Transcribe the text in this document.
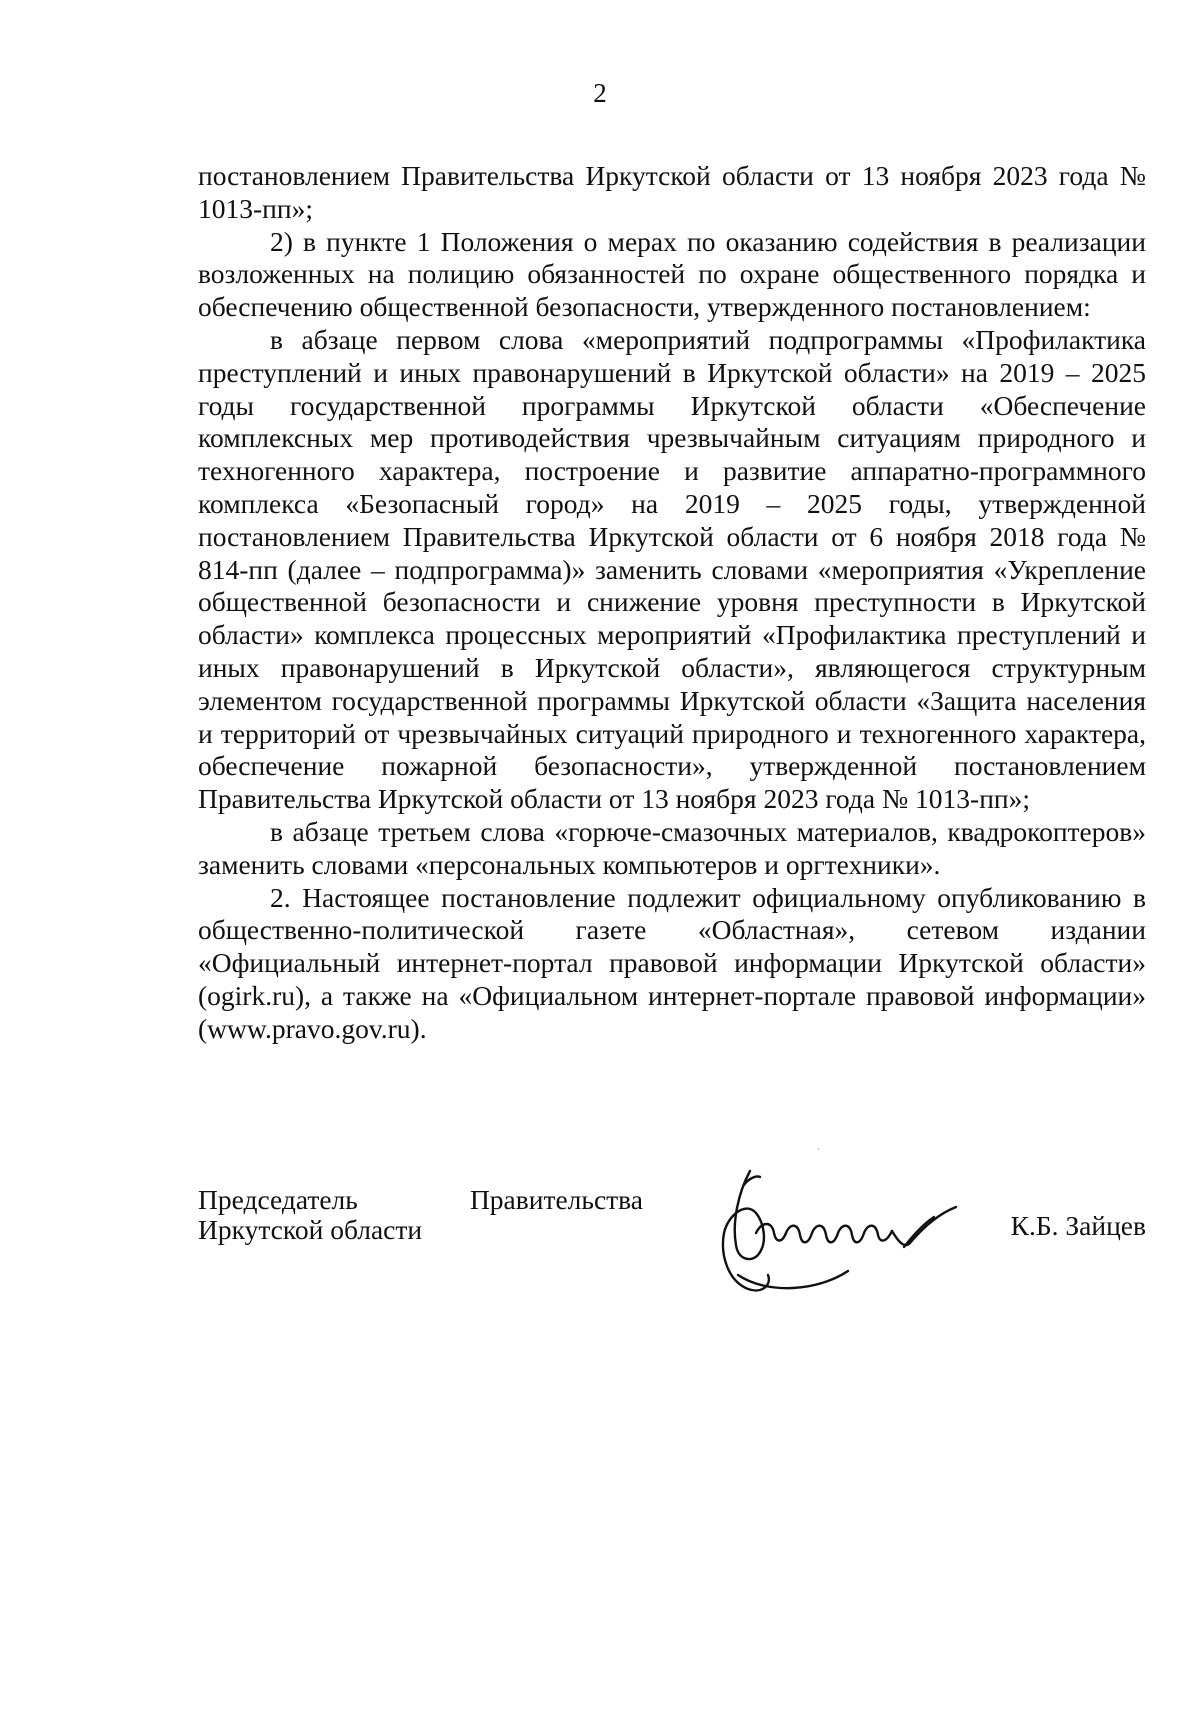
2

постановлением Правительства Иркутской области от 13 ноября 2023 года № 1013-пп»;

2) в пункте 1 Положения о мерах по оказанию содействия в реализации возложенных на полицию обязанностей по охране общественного порядка и обеспечению общественной безопасности, утвержденного постановлением:

в абзаце первом слова «мероприятий подпрограммы «Профилактика преступлений и иных правонарушений в Иркутской области» на 2019 – 2025 годы государственной программы Иркутской области «Обеспечение комплексных мер противодействия чрезвычайным ситуациям природного и техногенного характера, построение и развитие аппаратно-программного комплекса «Безопасный город» на 2019 – 2025 годы, утвержденной постановлением Правительства Иркутской области от 6 ноября 2018 года № 814-пп (далее – подпрограмма)» заменить словами «мероприятия «Укрепление общественной безопасности и снижение уровня преступности в Иркутской области» комплекса процессных мероприятий «Профилактика преступлений и иных правонарушений в Иркутской области», являющегося структурным элементом государственной программы Иркутской области «Защита населения и территорий от чрезвычайных ситуаций природного и техногенного характера, обеспечение пожарной безопасности», утвержденной постановлением Правительства Иркутской области от 13 ноября 2023 года № 1013-пп»;

в абзаце третьем слова «горюче-смазочных материалов, квадрокоптеров» заменить словами «персональных компьютеров и оргтехники».

2. Настоящее постановление подлежит официальному опубликованию в общественно-политической газете «Областная», сетевом издании «Официальный интернет-портал правовой информации Иркутской области» (ogirk.ru), а также на «Официальном интернет-портале правовой информации» (www.pravo.gov.ru).

Председатель	Правительства
Иркутской области	К.Б. Зайцев
